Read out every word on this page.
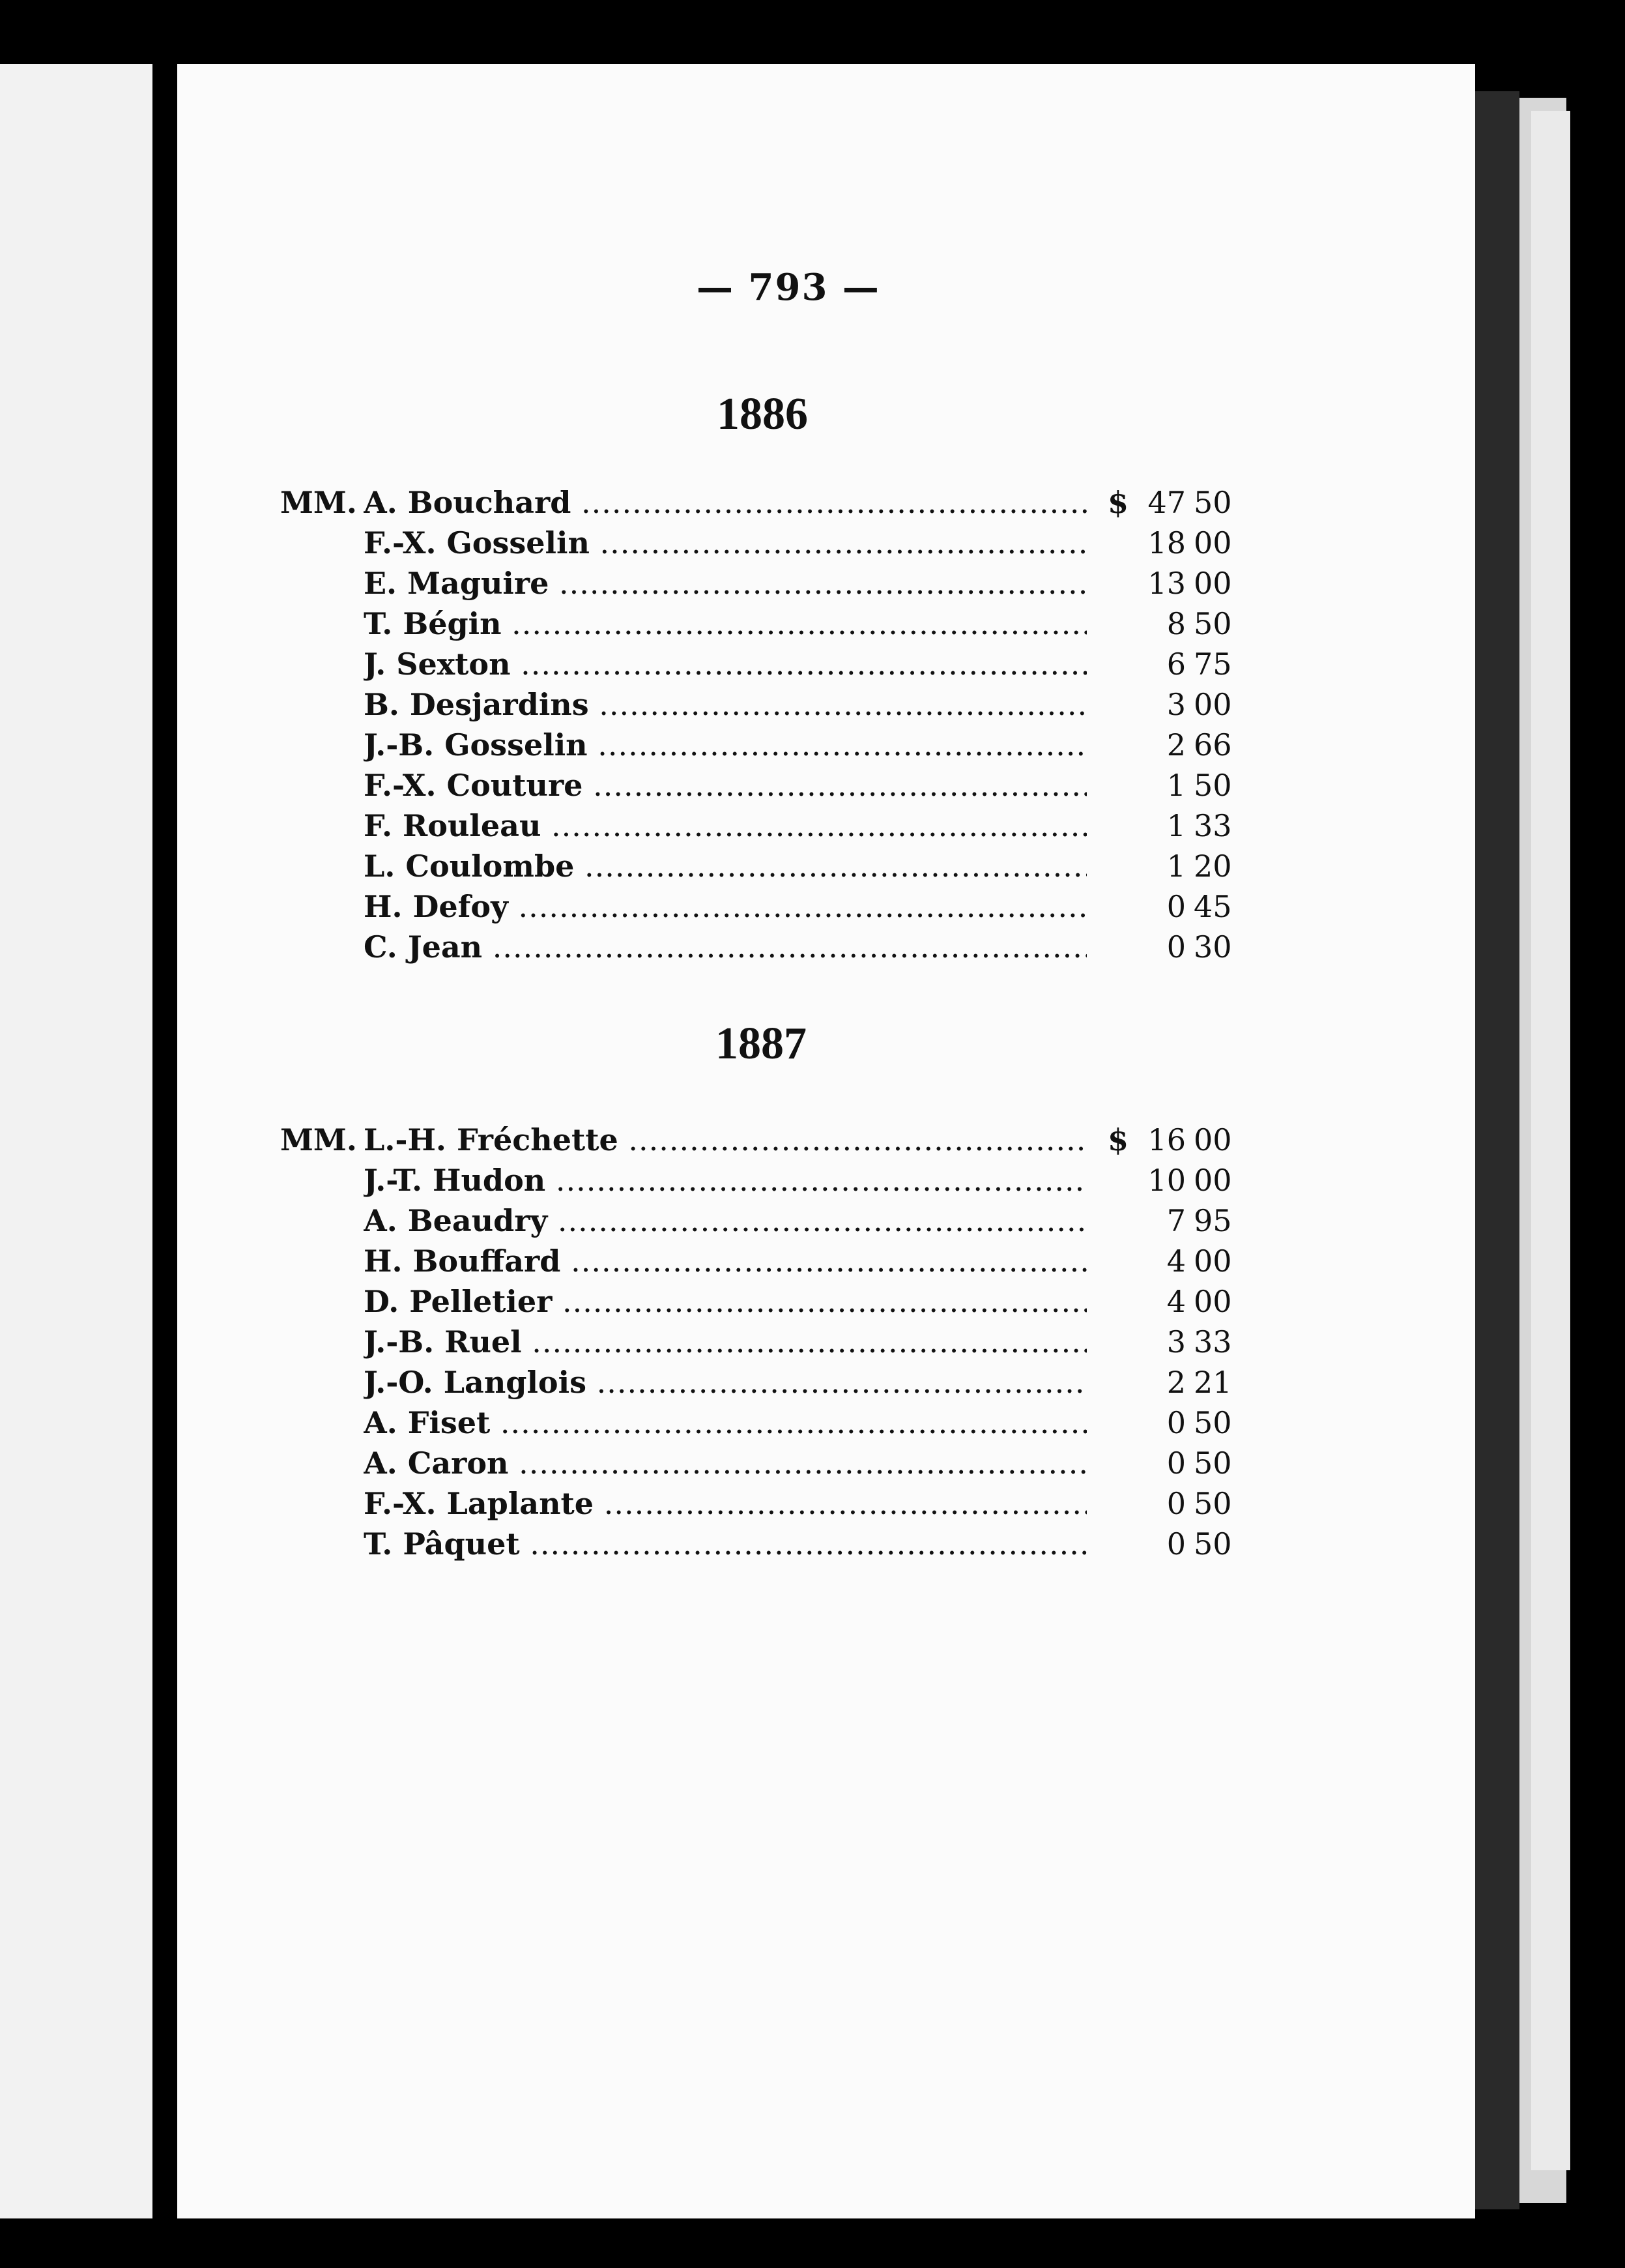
— 793 —
1886
MM. A. Bouchard .....	$ 47 50
F.-X. Gosselin .....	18 00
E. Maguire .....	13 00
T. Bégin .....	8 50
J. Sexton .....	6 75
B. Desjardins .....	3 00
J.-B. Gosselin .....	2 66
F.-X. Couture .....	1 50
F. Rouleau .....	1 33
L. Coulombe .....	1 20
H. Defoy .....	0 45
C. Jean .....	0 30
1887
MM. L.-H. Fréchette .....	$ 16 00
J.-T. Hudon .....	10 00
A. Beaudry .....	7 95
H. Bouffard .....	4 00
D. Pelletier .....	4 00
J.-B. Ruel .....	3 33
J.-O. Langlois .....	2 21
A. Fiset .....	0 50
A. Caron .....	0 50
F.-X. Laplante .....	0 50
T. Pâquet .....	0 50
